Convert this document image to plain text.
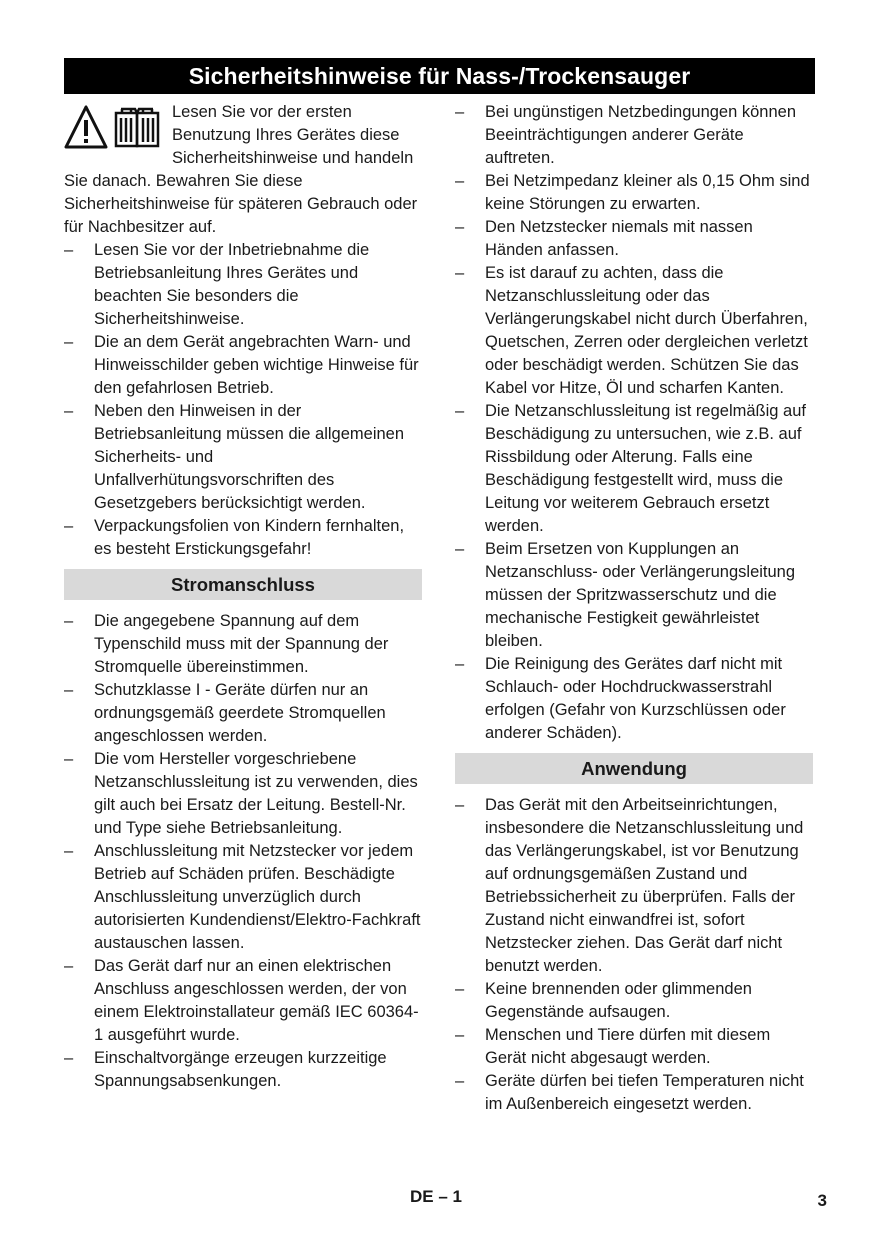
Sicherheitshinweise für Nass-/Trockensauger

Lesen Sie vor der ersten Benutzung Ihres Gerätes diese Sicherheitshinweise und handeln Sie danach. Bewahren Sie diese Sicherheitshinweise für späteren Gebrauch oder für Nachbesitzer auf.

–	Lesen Sie vor der Inbetriebnahme die Betriebsanleitung Ihres Gerätes und beachten Sie besonders die Sicherheitshinweise.
–	Die an dem Gerät angebrachten Warn- und Hinweisschilder geben wichtige Hinweise für den gefahrlosen Betrieb.
–	Neben den Hinweisen in der Betriebsanleitung müssen die allgemeinen Sicherheits- und Unfallverhütungsvorschriften des Gesetzgebers berücksichtigt werden.
–	Verpackungsfolien von Kindern fernhalten, es besteht Erstickungsgefahr!
Stromanschluss
–	Die angegebene Spannung auf dem Typenschild muss mit der Spannung der Stromquelle übereinstimmen.
–	Schutzklasse I - Geräte dürfen nur an ordnungsgemäß geerdete Stromquellen angeschlossen werden.
–	Die vom Hersteller vorgeschriebene Netzanschlussleitung ist zu verwenden, dies gilt auch bei Ersatz der Leitung. Bestell-Nr. und Type siehe Betriebsanleitung.
–	Anschlussleitung mit Netzstecker vor jedem Betrieb auf Schäden prüfen. Beschädigte Anschlussleitung unverzüglich durch autorisierten Kundendienst/Elektro-Fachkraft austauschen lassen.
–	Das Gerät darf nur an einen elektrischen Anschluss angeschlossen werden, der von einem Elektroinstallateur gemäß IEC 60364-1 ausgeführt wurde.
–	Einschaltvorgänge erzeugen kurzzeitige Spannungsabsenkungen.
–	Bei ungünstigen Netzbedingungen können Beeinträchtigungen anderer Geräte auftreten.
–	Bei Netzimpedanz kleiner als 0,15 Ohm sind keine Störungen zu erwarten.
–	Den Netzstecker niemals mit nassen Händen anfassen.
–	Es ist darauf zu achten, dass die Netzanschlussleitung oder das Verlängerungskabel nicht durch Überfahren, Quetschen, Zerren oder dergleichen verletzt oder beschädigt werden. Schützen Sie das Kabel vor Hitze, Öl und scharfen Kanten.
–	Die Netzanschlussleitung ist regelmäßig auf Beschädigung zu untersuchen, wie z.B. auf Rissbildung oder Alterung. Falls eine Beschädigung festgestellt wird, muss die Leitung vor weiterem Gebrauch ersetzt werden.
–	Beim Ersetzen von Kupplungen an Netzanschluss- oder Verlängerungsleitung müssen der Spritzwasserschutz und die mechanische Festigkeit gewährleistet bleiben.
–	Die Reinigung des Gerätes darf nicht mit Schlauch- oder Hochdruckwasserstrahl erfolgen (Gefahr von Kurzschlüssen oder anderer Schäden).
Anwendung
–	Das Gerät mit den Arbeitseinrichtungen, insbesondere die Netzanschlussleitung und das Verlängerungskabel, ist vor Benutzung auf ordnungsgemäßen Zustand und Betriebssicherheit zu überprüfen. Falls der Zustand nicht einwandfrei ist, sofort Netzstecker ziehen. Das Gerät darf nicht benutzt werden.
–	Keine brennenden oder glimmenden Gegenstände aufsaugen.
–	Menschen und Tiere dürfen mit diesem Gerät nicht abgesaugt werden.
–	Geräte dürfen bei tiefen Temperaturen nicht im Außenbereich eingesetzt werden.
DE – 1	3
